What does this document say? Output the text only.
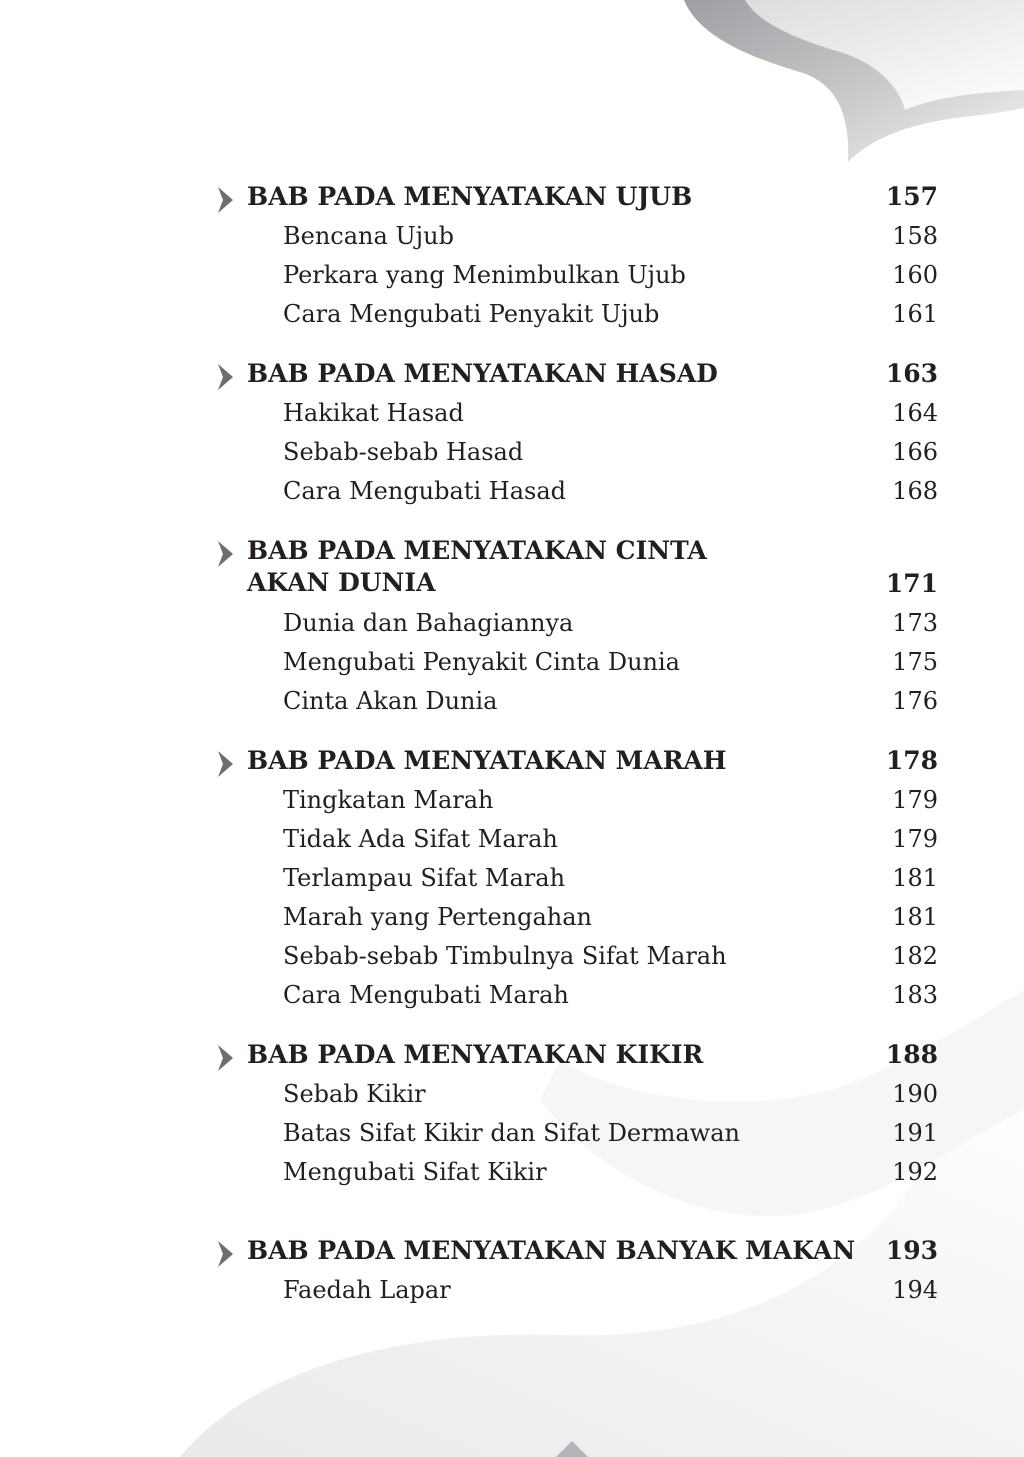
BAB PADA MENYATAKAN UJUB	157
Bencana Ujub	158
Perkara yang Menimbulkan Ujub	160
Cara Mengubati Penyakit Ujub	161
BAB PADA MENYATAKAN HASAD	163
Hakikat Hasad	164
Sebab-sebab Hasad	166
Cara Mengubati Hasad	168
BAB PADA MENYATAKAN CINTA
AKAN DUNIA	171
Dunia dan Bahagiannya	173
Mengubati Penyakit Cinta Dunia	175
Cinta Akan Dunia	176
BAB PADA MENYATAKAN MARAH	178
Tingkatan Marah	179
Tidak Ada Sifat Marah	179
Terlampau Sifat Marah	181
Marah yang Pertengahan	181
Sebab-sebab Timbulnya Sifat Marah	182
Cara Mengubati Marah	183
BAB PADA MENYATAKAN KIKIR	188
Sebab Kikir	190
Batas Sifat Kikir dan Sifat Dermawan	191
Mengubati Sifat Kikir	192
BAB PADA MENYATAKAN BANYAK MAKAN 193
Faedah Lapar	194
